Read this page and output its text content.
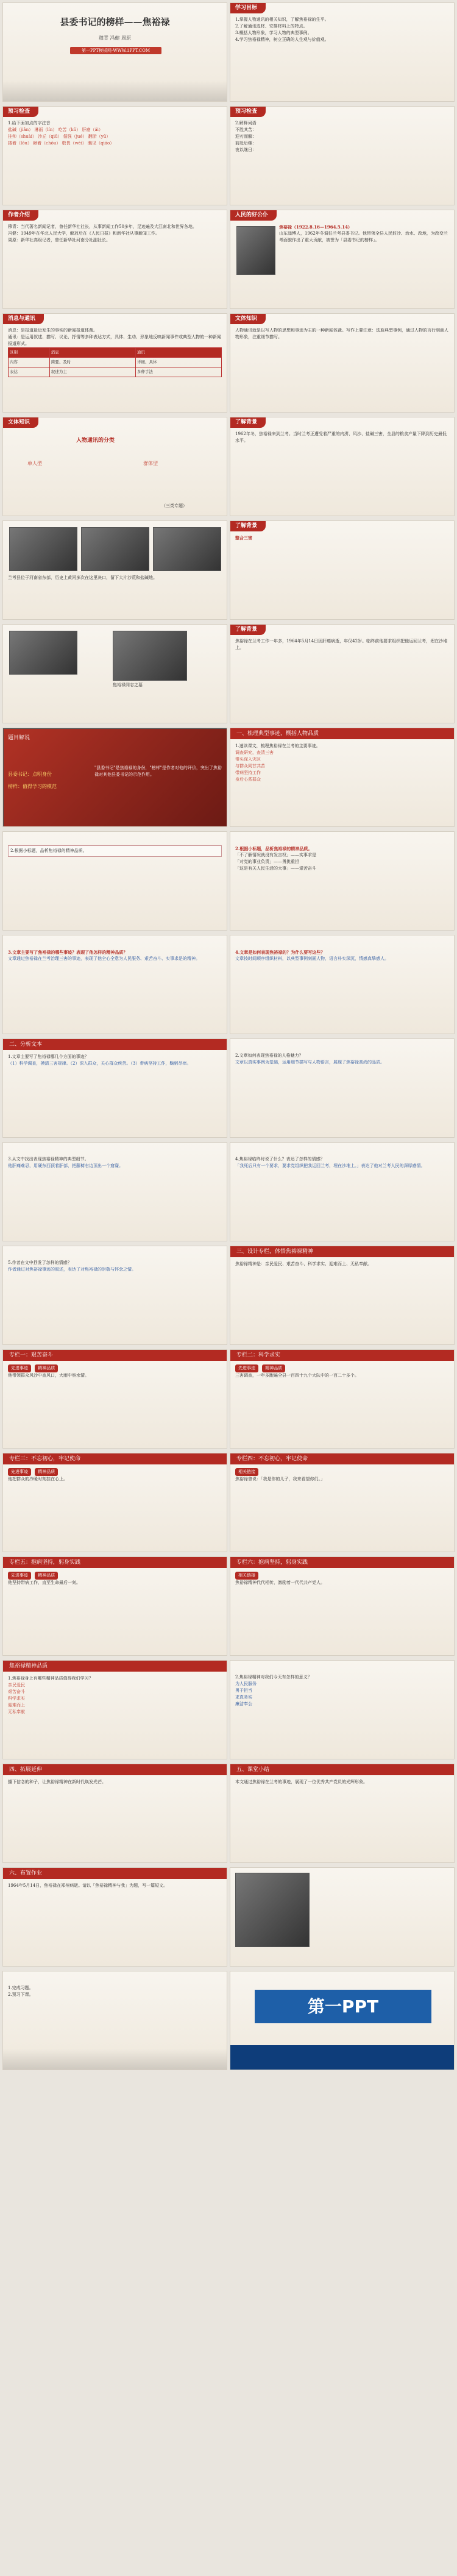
县委书记的榜样——焦裕禄
穆青 冯健 周原
第一PPT模板网-WWW.1PPT.COM
学习目标
1.掌握人物通讯的相关知识，了解焦裕禄的生平。
2.了解通讯选材、安排材料上的特点。
3.概括人物形象，学习人物的典型事例。
4.学习焦裕禄精神，树立正确的人生观与价值观。
预习检查
1.给下面加点的字注音
盐碱（jiǎn） 淋雨（lín） 吃苦（kǔ） 肝癌（ái）
挂帅（shuài） 沙丘（qiū） 倔强（jué） 翻淤（yū）
搂着（lǒu） 瞅着（chǒu） 敬畏（wèi） 瞧见（qiáo）
预习检查
2.解释词语
不胜其苦：
迎刃而解：
前赴后继：
夜以继日：
作者介绍
穆青：当代著名新闻记者，曾任新华社社长，从事新闻工作50多年，足迹遍及大江南北和世界各地。
冯健：1949年在华北人民大学，解放后在《人民日报》和新华社从事新闻工作。
周原：新华社高级记者，曾任新华社河南分社副社长。
人民的好公仆
焦裕禄（1922.8.16—1964.5.14）
山东淄博人，1962年冬调任兰考县委书记。他带领全县人民封沙、治水、改地，为改变兰考面貌作出了重大贡献，被誉为「县委书记的榜样」。
消息与通讯
消息：是报道最近发生的事实的新闻报道体裁。
通讯：是运用叙述、描写、议论、抒情等多种表达方式，具体、生动、形象地反映新闻事件或典型人物的一种新闻报道形式。
区别	消息	通讯
内容	简要、及时	详细、具体
表达	叙述为主	多种手法
文体知识
人物通讯就是以写人物的思想和事迹为主的一种新闻体裁。写作上要注意：选取典型事例，通过人物的言行刻画人物形象，注重细节描写。
文体知识
人物通讯的分类
单人型	群体型
（三类专题）
了解背景
1962年冬，焦裕禄来到兰考。当时兰考正遭受着严重的内涝、风沙、盐碱三害，全县的粮食产量下降到历史最低水平。
兰考县位于河南省东部，历史上黄河多次在这里决口，留下大片沙荒和盐碱地。
了解背景
整合三害
焦裕禄同志之墓
了解背景
焦裕禄在兰考工作一年多，1964年5月14日因肝癌病逝，年仅42岁。临终前他要求组织把他运回兰考，埋在沙堆上。
题目解说
县委书记：点明身份
榜样：值得学习的模范
"县委书记"是焦裕禄的身份，"榜样"是作者对他的评价，突出了焦裕禄对其他县委书记的示范作用。
一、梳理典型事迹，概括人物品质
1.速读课文，梳理焦裕禄在兰考的主要事迹。
调查研究，查清三害
带头深入灾区
与群众同甘共苦
带病坚持工作
身后心系群众
2.根据小标题，品析焦裕禄的精神品质。	2.根据小标题，品析焦裕禄的精神品质。
「不了解情况就没有发言权」——实事求是
「对党的事业负责」——勇挑重担
「这是有关人民生活的大事」——艰苦奋斗
3.文章主要写了焦裕禄的哪些事迹？表现了他怎样的精神品质？
文章通过焦裕禄在兰考治理三害的事迹，表现了他全心全意为人民服务、艰苦奋斗、实事求是的精神。
4.文章是如何表现焦裕禄的？为什么要写这些？
文章按时间顺序组织材料，以典型事例刻画人物，语言朴实深沉，情感真挚感人。
二、分析文本
1.文章主要写了焦裕禄哪几个方面的事迹？
（1）科学调查，摸清三害规律。（2）深入群众，关心群众疾苦。（3）带病坚持工作，鞠躬尽瘁。
2.文章如何表现焦裕禄的人格魅力？
文章以真实事例为基础，运用细节描写与人物语言，展现了焦裕禄高尚的品质。
3.从文中找出表现焦裕禄精神的典型细节。
他肝痛难忍，用硬东西顶着肝部，把藤椅右边顶出一个窟窿。
4.焦裕禄临终时说了什么？表达了怎样的情感？
「我死后只有一个要求，要求党组织把我运回兰考，埋在沙堆上。」表达了他对兰考人民的深厚感情。
5.作者在文中抒发了怎样的情感？
作者通过对焦裕禄事迹的叙述，表达了对焦裕禄的崇敬与怀念之情。
三、设计专栏，体悟焦裕禄精神
焦裕禄精神是：亲民爱民、艰苦奋斗、科学求实、迎难而上、无私奉献。
专栏一：艰苦奋斗
先进事迹 精神品质
他带领群众风沙中查风口，大雨中察水情。
专栏二：科学求实
先进事迹 精神品质
三害调查，一年多跑遍全县一百四十九个大队中的一百二十多个。
专栏三：不忘初心，牢记使命
先进事迹 精神品质
他把群众的冷暖时刻挂在心上。
专栏四：不忘初心，牢记使命
相关链接
焦裕禄曾说：「我是你的儿子，我来看望你们。」
专栏五：抱病坚持，躬身实践
先进事迹 精神品质
他坚持带病工作，直至生命最后一刻。
专栏六：抱病坚持，躬身实践
相关链接
焦裕禄精神代代相传，激励着一代代共产党人。
焦裕禄精神品质
1.焦裕禄身上有哪些精神品质值得我们学习？
亲民爱民
艰苦奋斗
科学求实
迎难而上
无私奉献
2.焦裕禄精神对我们今天有怎样的意义？
为人民服务
勇于担当
求真务实
廉洁奉公
四、拓展延伸
播下信念的种子，让焦裕禄精神在新时代焕发光芒。
五、课堂小结
本文通过焦裕禄在兰考的事迹，展现了一位优秀共产党员的光辉形象。
六、布置作业
1964年5月14日，焦裕禄在郑州病逝。请以「焦裕禄精神与我」为题，写一篇短文。
1.完成习题。
2.预习下课。
第一PPT
